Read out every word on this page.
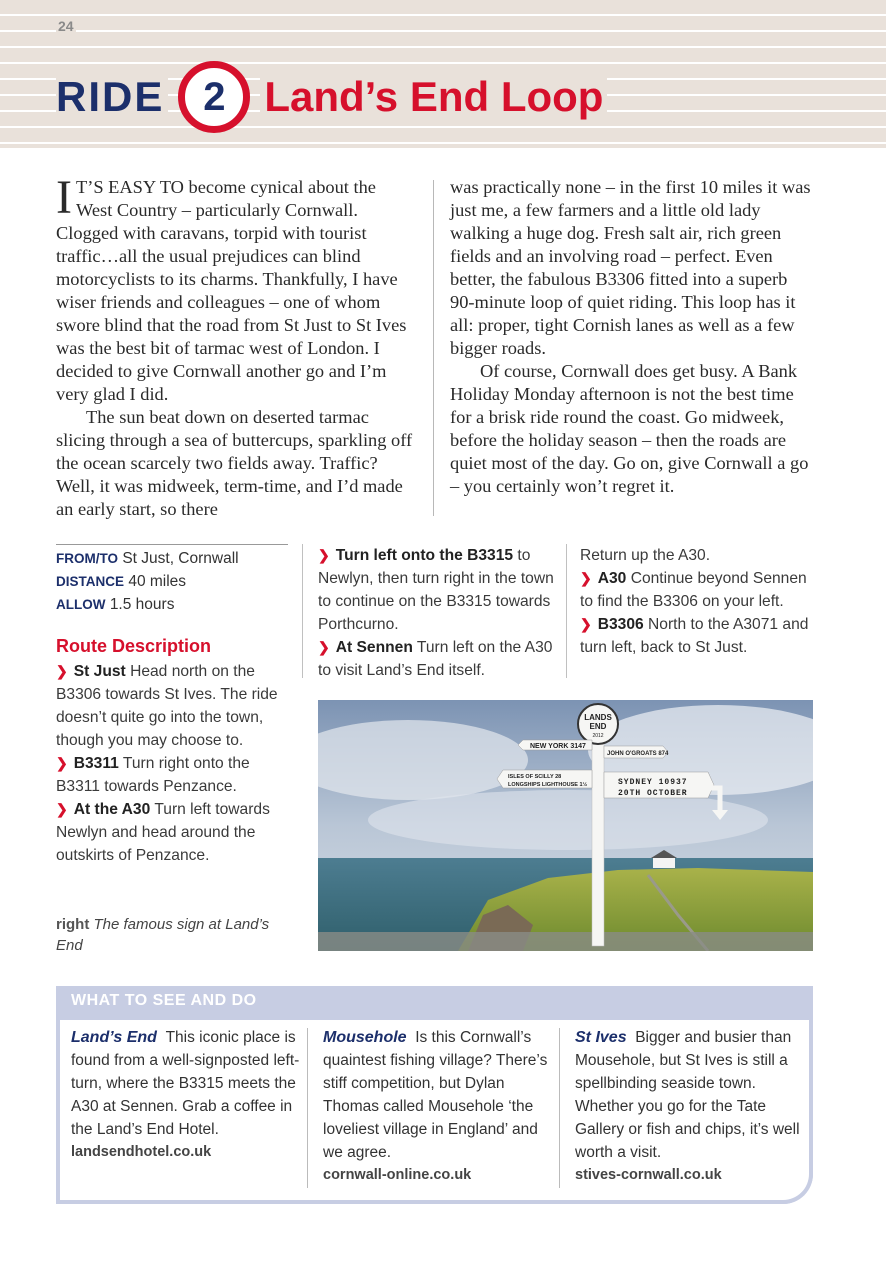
24
RIDE 2 Land’s End Loop

I T’S EASY TO become cynical about the West Country – particularly Cornwall. Clogged with caravans, torpid with tourist traffic…all the usual prejudices can blind motorcyclists to its charms. Thankfully, I have wiser friends and colleagues – one of whom swore blind that the road from St Just to St Ives was the best bit of tarmac west of London. I decided to give Cornwall another go and I’m very glad I did.

The sun beat down on deserted tarmac slicing through a sea of buttercups, sparkling off the ocean scarcely two fields away. Traffic? Well, it was midweek, term-time, and I’d made an early start, so there

was practically none – in the first 10 miles it was just me, a few farmers and a little old lady walking a huge dog. Fresh salt air, rich green fields and an involving road – perfect. Even better, the fabulous B3306 fitted into a superb 90-minute loop of quiet riding. This loop has it all: proper, tight Cornish lanes as well as a few bigger roads.

Of course, Cornwall does get busy. A Bank Holiday Monday afternoon is not the best time for a brisk ride round the coast. Go midweek, before the holiday season – then the roads are quiet most of the day. Go on, give Cornwall a go – you certainly won’t regret it.

FROM/TO St Just, Cornwall
DISTANCE 40 miles
ALLOW 1.5 hours
Route Description
❯ St Just Head north on the B3306 towards St Ives. The ride doesn’t quite go into the town, though you may choose to.
❯ B3311 Turn right onto the B3311 towards Penzance.
❯ At the A30 Turn left towards Newlyn and head around the outskirts of Penzance.
❯ Turn left onto the B3315 to Newlyn, then turn right in the town to continue on the B3315 towards Porthcurno.
❯ At Sennen Turn left on the A30 to visit Land’s End itself.
Return up the A30.
❯ A30 Continue beyond Sennen to find the B3306 on your left.
❯ B3306 North to the A3071 and turn left, back to St Just.
right The famous sign at Land’s End
LANDS
END
2012
NEW YORK 3147
JOHN O'GROATS 874
ISLES OF SCILLY 28
LONGSHIPS LIGHTHOUSE 1½	SYDNEY 10937
20TH OCTOBER
WHAT TO SEE AND DO
Land’s End This iconic place is found from a well-signposted left-turn, where the B3315 meets the A30 at Sennen. Grab a coffee in the Land’s End Hotel.
landsendhotel.co.uk
Mousehole Is this Cornwall’s quaintest fishing village? There’s stiff competition, but Dylan Thomas called Mousehole ‘the loveliest village in England’ and we agree.
cornwall-online.co.uk
St Ives Bigger and busier than Mousehole, but St Ives is still a spellbinding seaside town. Whether you go for the Tate Gallery or fish and chips, it’s well worth a visit.
stives-cornwall.co.uk
